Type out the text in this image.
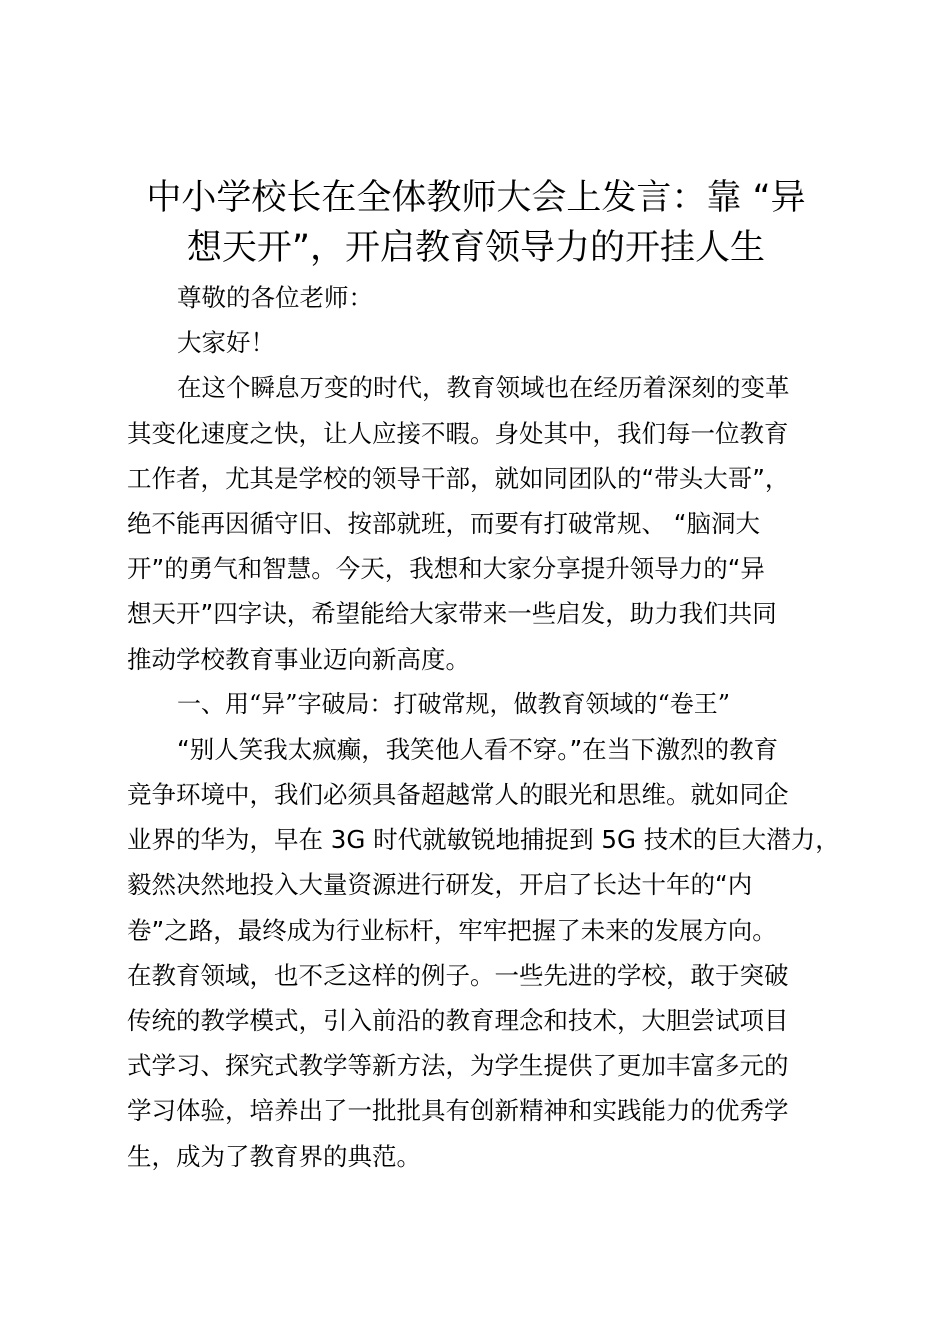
中小学校长在全体教师大会上发言：靠 “异
想天开”，开启教育领导力的开挂人生
尊敬的各位老师：
大家好！
在这个瞬息万变的时代，教育领域也在经历着深刻的变革
其变化速度之快，让人应接不暇。身处其中，我们每一位教育
工作者，尤其是学校的领导干部，就如同团队的“带头大哥”，
绝不能再因循守旧、按部就班，而要有打破常规、 “脑洞大
开”的勇气和智慧。今天，我想和大家分享提升领导力的“异
想天开”四字诀，希望能给大家带来一些启发，助力我们共同
推动学校教育事业迈向新高度。
一、用“异”字破局：打破常规，做教育领域的“卷王”
“别人笑我太疯癫，我笑他人看不穿。”在当下激烈的教育
竞争环境中，我们必须具备超越常人的眼光和思维。就如同企
业界的华为，早在 3G 时代就敏锐地捕捉到 5G 技术的巨大潜力，
毅然决然地投入大量资源进行研发，开启了长达十年的“内
卷”之路，最终成为行业标杆，牢牢把握了未来的发展方向。
在教育领域，也不乏这样的例子。一些先进的学校，敢于突破
传统的教学模式，引入前沿的教育理念和技术，大胆尝试项目
式学习、探究式教学等新方法，为学生提供了更加丰富多元的
学习体验，培养出了一批批具有创新精神和实践能力的优秀学
生，成为了教育界的典范。
